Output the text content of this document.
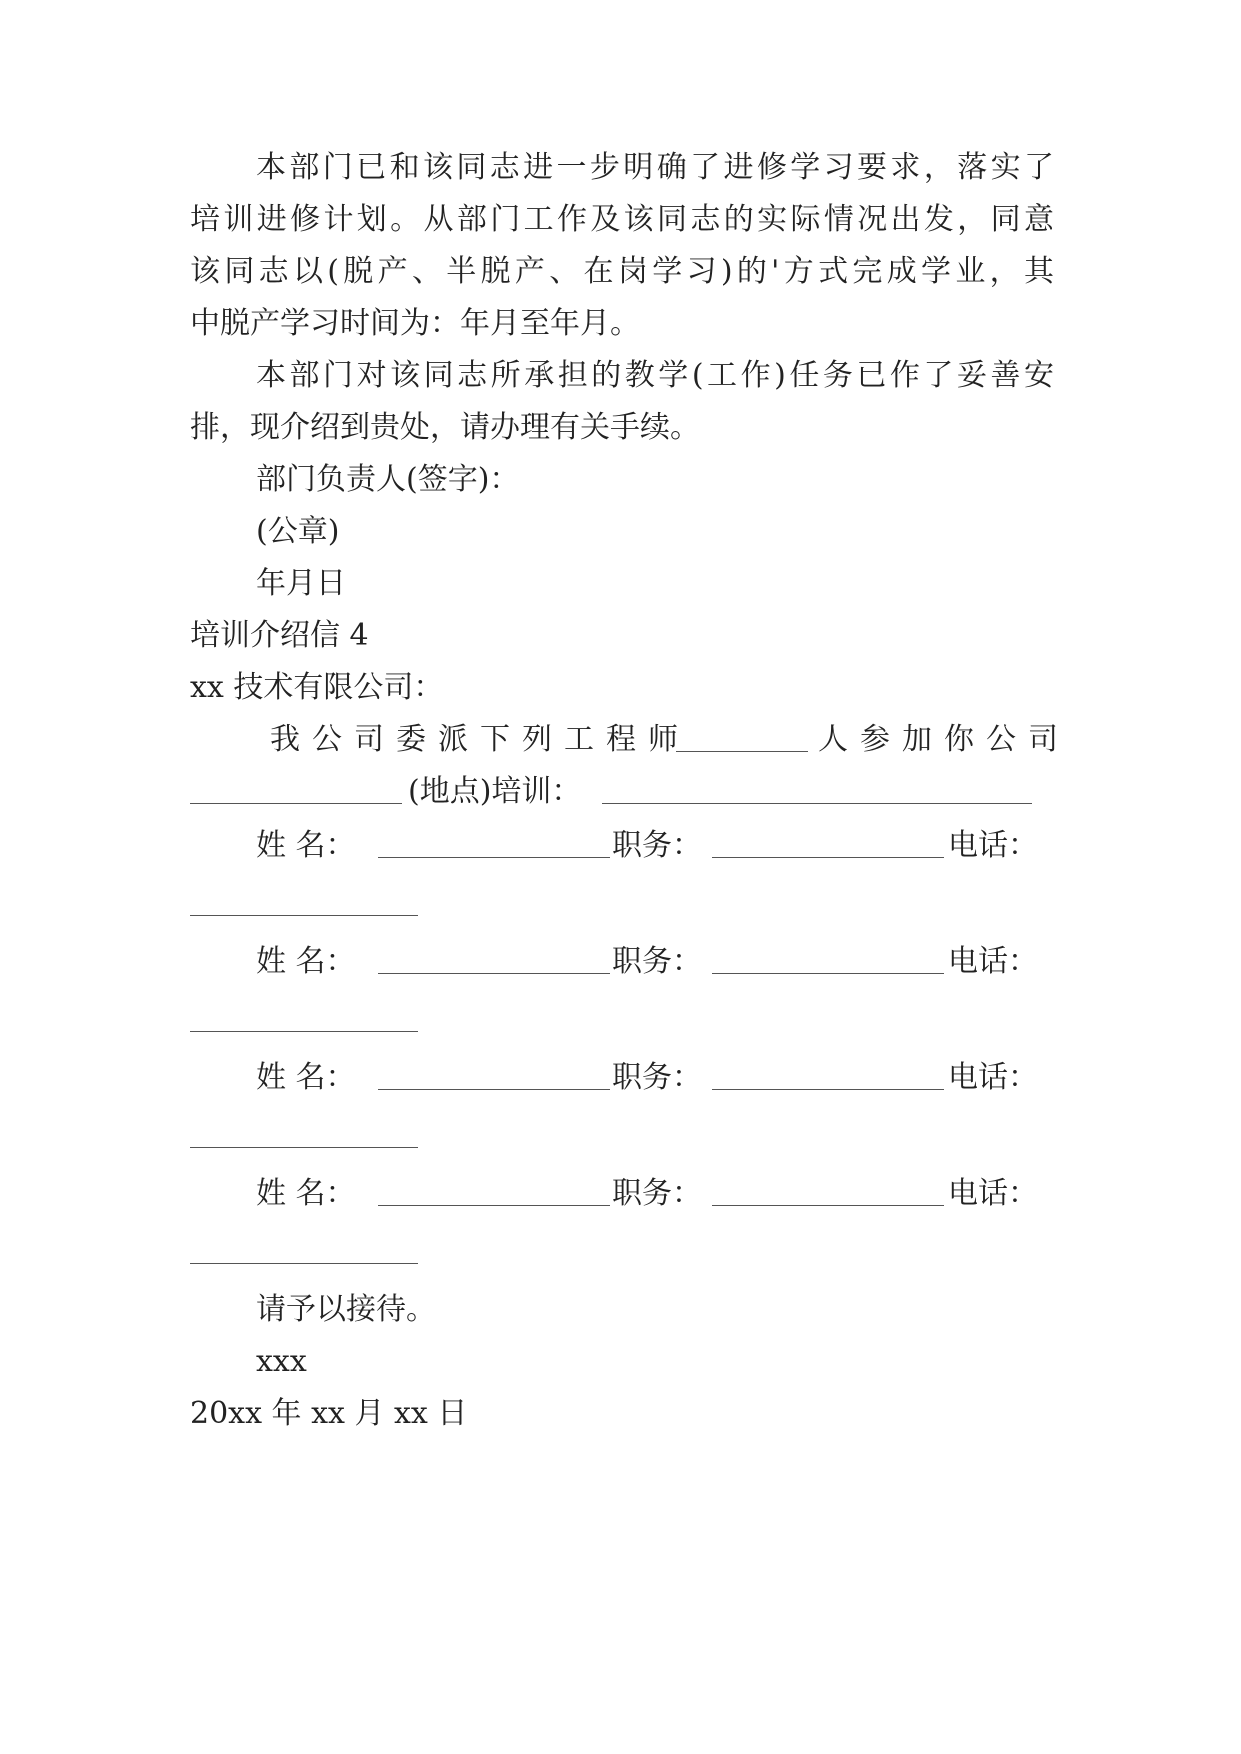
本部门已和该同志进一步明确了进修学习要求，落实了
培训进修计划。从部门工作及该同志的实际情况出发，同意
该同志以(脱产、半脱产、在岗学习)的'方式完成学业，其
中脱产学习时间为：年月至年月。
本部门对该同志所承担的教学(工作)任务已作了妥善安
排，现介绍到贵处，请办理有关手续。
部门负责人(签字)：
(公章)
年月日
培训介绍信 4
xx 技术有限公司：
我公司委派下列工程师	人参加你公司
(地点)培训：
姓 名：	职务：	电话：
姓 名：	职务：	电话：
姓 名：	职务：	电话：
姓 名：	职务：	电话：
请予以接待。
xxx
20xx 年 xx 月 xx 日
